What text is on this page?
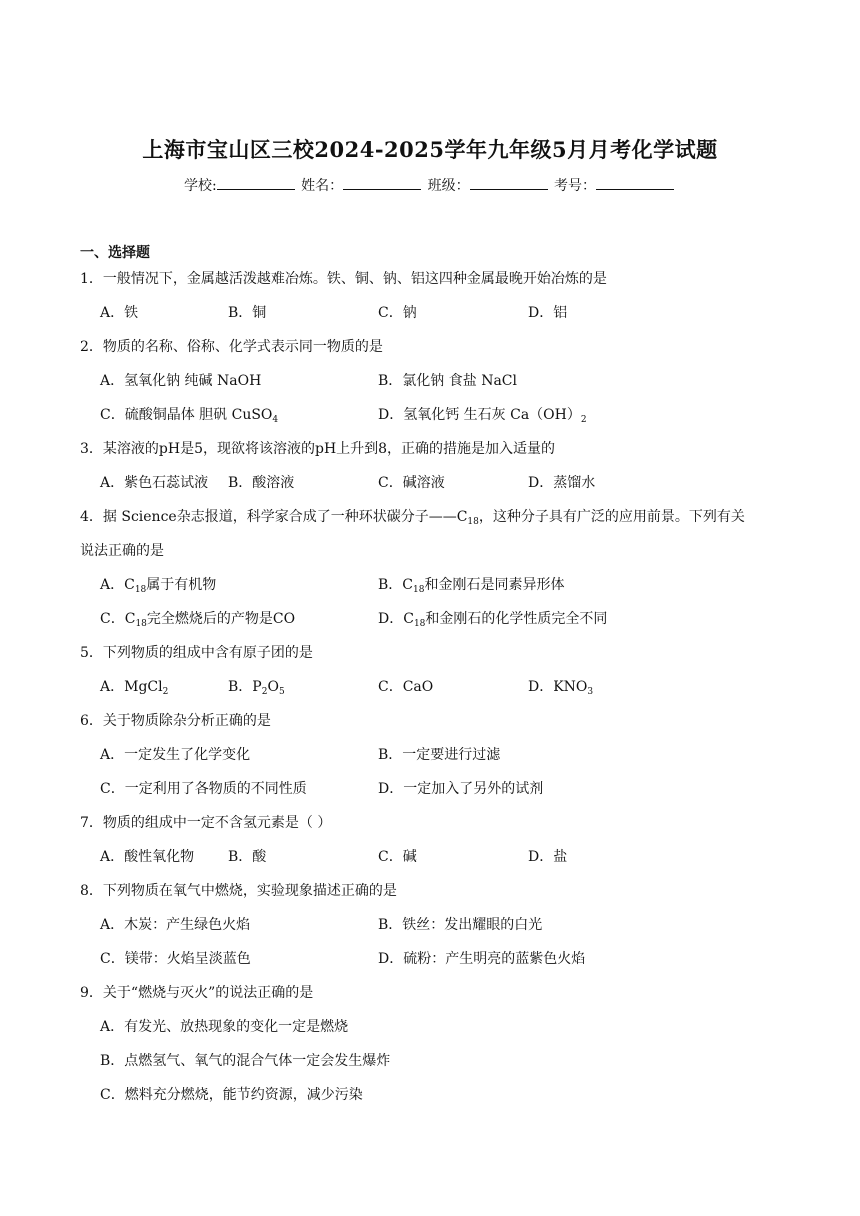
上海市宝山区三校2024-2025学年九年级5月月考化学试题
学校:	姓名：	班级：	考号：
一、选择题
1．一般情况下，金属越活泼越难冶炼。铁、铜、钠、铝这四种金属最晚开始冶炼的是
A．铁	B．铜	C．钠	D．铝
2．物质的名称、俗称、化学式表示同一物质的是
A．氢氧化钠 纯碱 NaOH	B．氯化钠 食盐 NaCl
C．硫酸铜晶体 胆矾 CuSO$_4$	D．氢氧化钙 生石灰 $Ca(OH)_2$
3．某溶液的pH是5，现欲将该溶液的pH上升到8，正确的措施是加入适量的
A．紫色石蕊试液 B．酸溶液	C．碱溶液	D．蒸馏水
4．据 Science杂志报道，科学家合成了一种环状碳分子$——C_{18}$，这种分子具有广泛的应用前景。下列有关
说法正确的是
A．$C_{18}$属于有机物	B．$C_{18}$和金刚石是同素异形体
C．$C_{18}$完全燃烧后的产物是CO	D．$C_{18}$和金刚石的化学性质完全不同
5．下列物质的组成中含有原子团的是
A．MgCl$_2$	B．$P_2O_5$	C．CaO	D．$KNO_3$
6．关于物质除杂分析正确的是
A．一定发生了化学变化	B．一定要进行过滤
C．一定利用了各物质的不同性质	D．一定加入了另外的试剂
7．物质的组成中一定不含氢元素是（ ）
A．酸性氧化物 B．酸	C．碱	D．盐
8．下列物质在氧气中燃烧，实验现象描述正确的是
A．木炭：产生绿色火焰	B．铁丝：发出耀眼的白光
C．镁带：火焰呈淡蓝色	D．硫粉：产生明亮的蓝紫色火焰
9．关于“燃烧与灭火”的说法正确的是
A．有发光、放热现象的变化一定是燃烧
B．点燃氢气、氧气的混合气体一定会发生爆炸
C．燃料充分燃烧，能节约资源，减少污染
